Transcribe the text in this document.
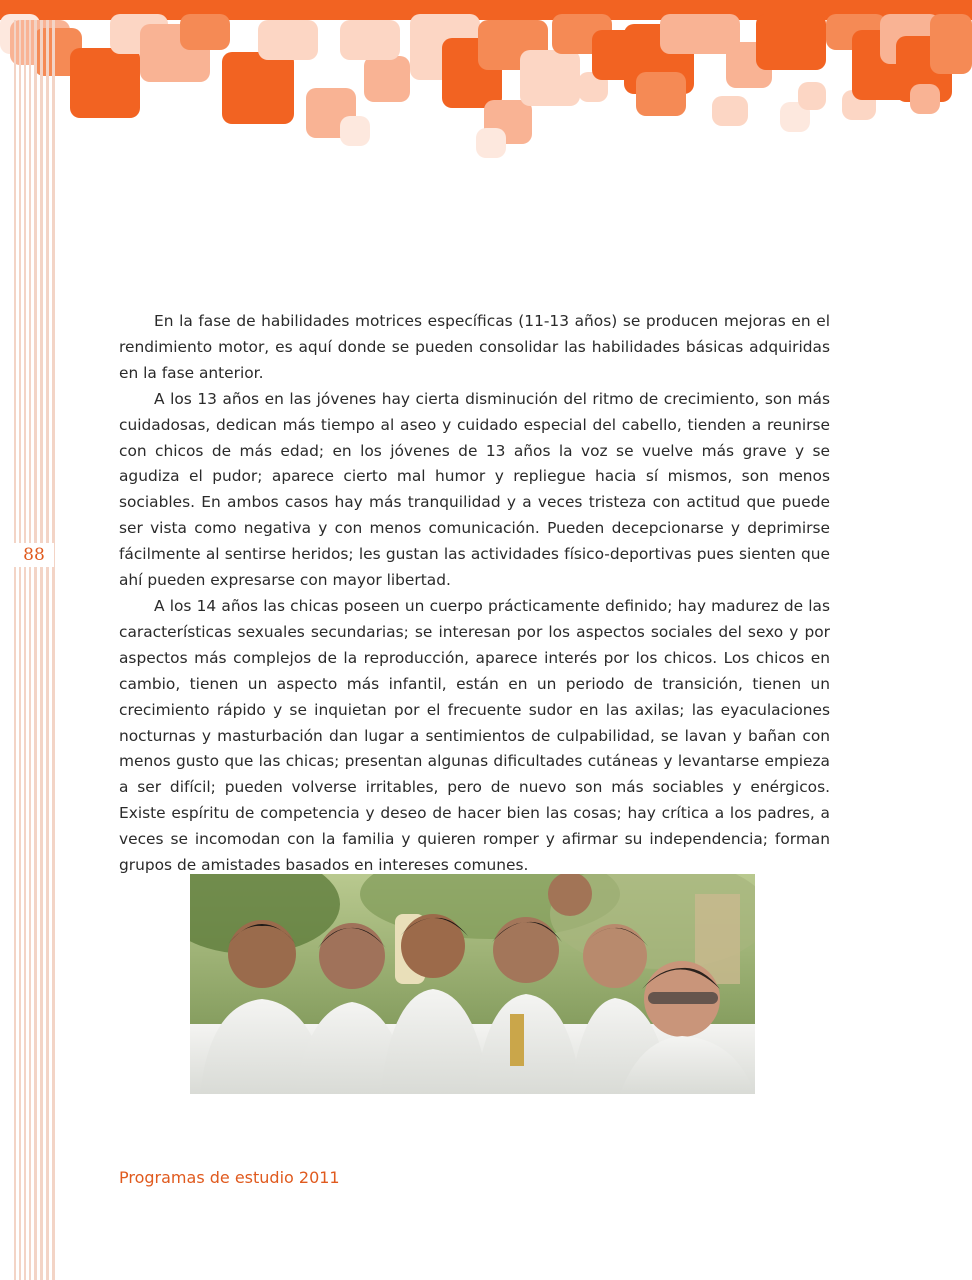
88

En la fase de habilidades motrices específicas (11-13 años) se producen mejoras en el rendimiento motor, es aquí donde se pueden consolidar las habilidades básicas adquiridas en la fase anterior.

A los 13 años en las jóvenes hay cierta disminución del ritmo de crecimiento, son más cuidadosas, dedican más tiempo al aseo y cuidado especial del cabello, tienden a reunirse con chicos de más edad; en los jóvenes de 13 años la voz se vuelve más grave y se agudiza el pudor; aparece cierto mal humor y repliegue hacia sí mismos, son menos sociables. En ambos casos hay más tranquilidad y a veces tristeza con actitud que puede ser vista como negativa y con menos comunicación. Pueden decepcionarse y deprimirse fácilmente al sentirse heridos; les gustan las actividades físico-deportivas pues sienten que ahí pueden expresarse con mayor libertad.

A los 14 años las chicas poseen un cuerpo prácticamente definido; hay madurez de las características sexuales secundarias; se interesan por los aspectos sociales del sexo y por aspectos más complejos de la reproducción, aparece interés por los chicos. Los chicos en cambio, tienen un aspecto más infantil, están en un periodo de transición, tienen un crecimiento rápido y se inquietan por el frecuente sudor en las axilas; las eyaculaciones nocturnas y masturbación dan lugar a sentimientos de culpabilidad, se lavan y bañan con menos gusto que las chicas; presentan algunas dificultades cutáneas y levantarse empieza a ser difícil; pueden volverse irritables, pero de nuevo son más sociables y enérgicos. Existe espíritu de competencia y deseo de hacer bien las cosas; hay crítica a los padres, a veces se incomodan con la familia y quieren romper y afirmar su independencia; forman grupos de amistades basados en intereses comunes.

Programas de estudio 2011
